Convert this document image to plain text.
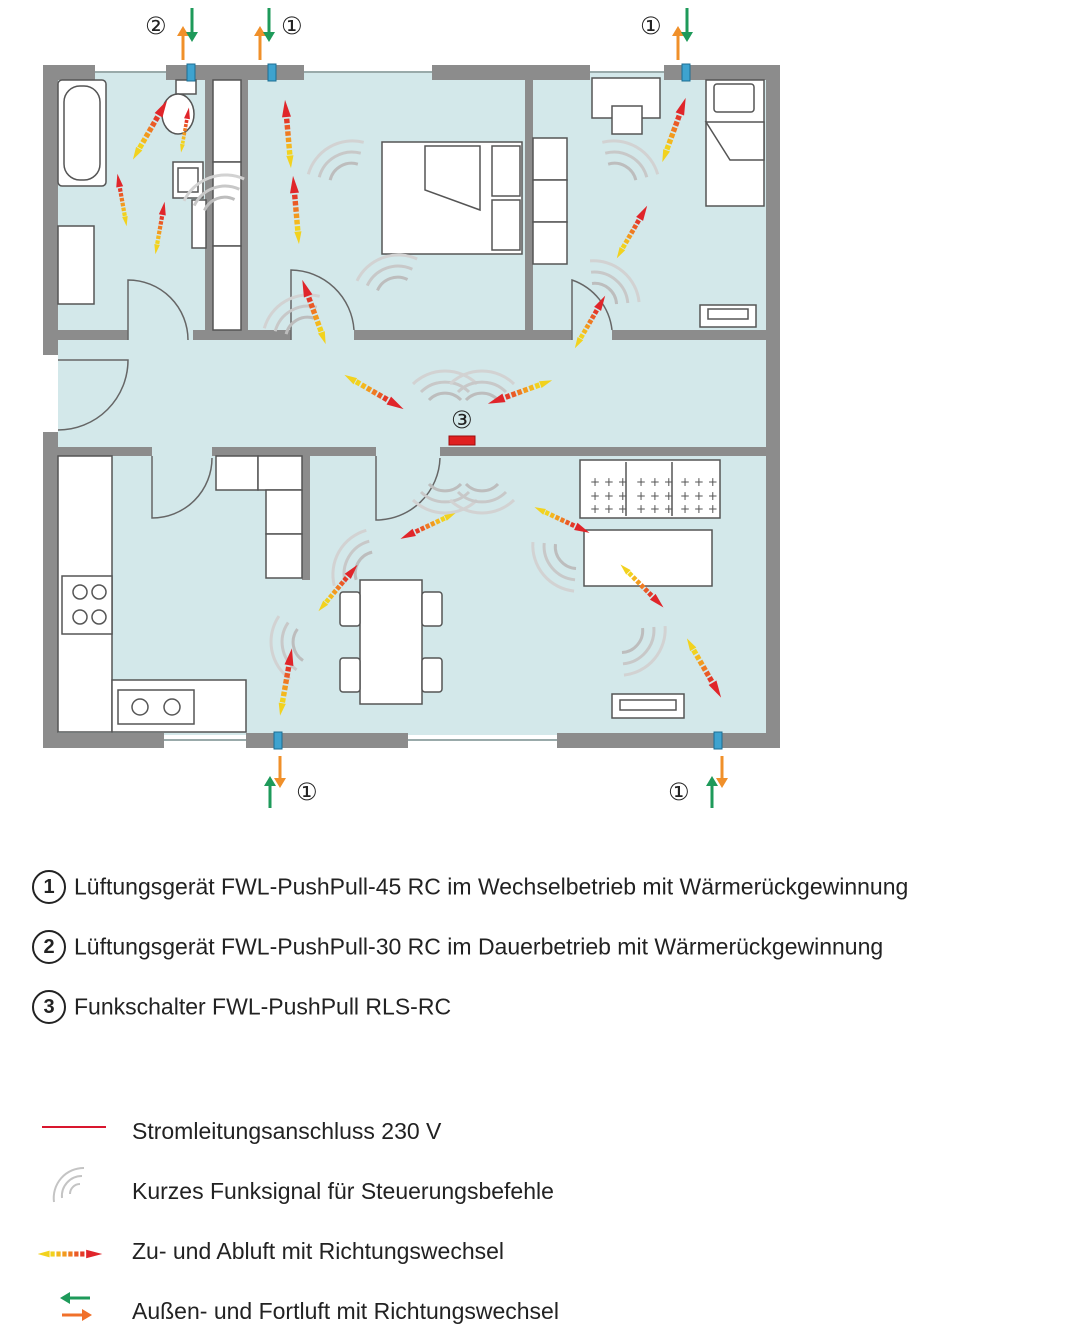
+ + +
+ + +
+ + +
+ + +
+ + +
+ + +
+ + +
+ + +
+ + +
②	①	①
③
①	①
1 Lüftungsgerät FWL-PushPull-45 RC im Wechselbetrieb mit Wärmerückgewinnung
2 Lüftungsgerät FWL-PushPull-30 RC im Dauerbetrieb mit Wärmerückgewinnung
3 Funkschalter FWL-PushPull RLS-RC
Stromleitungsanschluss 230 V
Kurzes Funksignal für Steuerungsbefehle
Zu- und Abluft mit Richtungswechsel
Außen- und Fortluft mit Richtungswechsel
